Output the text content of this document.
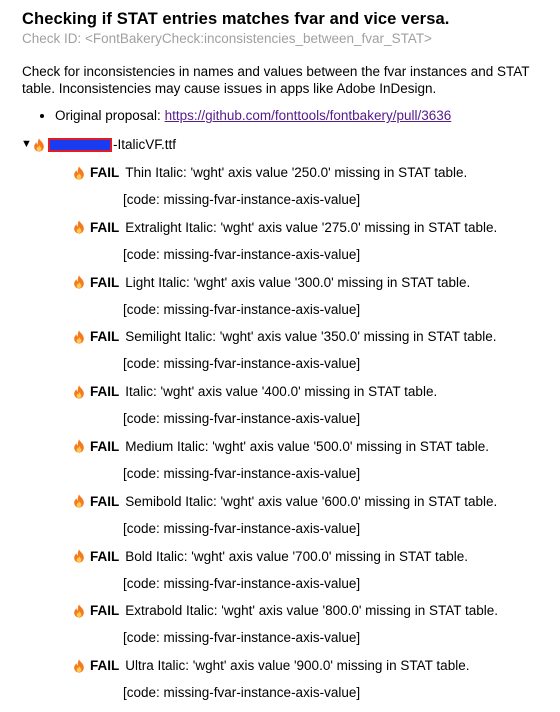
Checking if STAT entries matches fvar and vice versa.
Check ID: <FontBakeryCheck:inconsistencies_between_fvar_STAT>
Check for inconsistencies in names and values between the fvar instances and STAT table. Inconsistencies may cause issues in apps like Adobe InDesign.
• Original proposal: https://github.com/fonttools/fontbakery/pull/3636
▼	-ItalicVF.ttf
FAIL Thin Italic: 'wght' axis value '250.0' missing in STAT table.
[code: missing-fvar-instance-axis-value]
FAIL Extralight Italic: 'wght' axis value '275.0' missing in STAT table.
[code: missing-fvar-instance-axis-value]
FAIL Light Italic: 'wght' axis value '300.0' missing in STAT table.
[code: missing-fvar-instance-axis-value]
FAIL Semilight Italic: 'wght' axis value '350.0' missing in STAT table.
[code: missing-fvar-instance-axis-value]
FAIL Italic: 'wght' axis value '400.0' missing in STAT table.
[code: missing-fvar-instance-axis-value]
FAIL Medium Italic: 'wght' axis value '500.0' missing in STAT table.
[code: missing-fvar-instance-axis-value]
FAIL Semibold Italic: 'wght' axis value '600.0' missing in STAT table.
[code: missing-fvar-instance-axis-value]
FAIL Bold Italic: 'wght' axis value '700.0' missing in STAT table.
[code: missing-fvar-instance-axis-value]
FAIL Extrabold Italic: 'wght' axis value '800.0' missing in STAT table.
[code: missing-fvar-instance-axis-value]
FAIL Ultra Italic: 'wght' axis value '900.0' missing in STAT table.
[code: missing-fvar-instance-axis-value]
